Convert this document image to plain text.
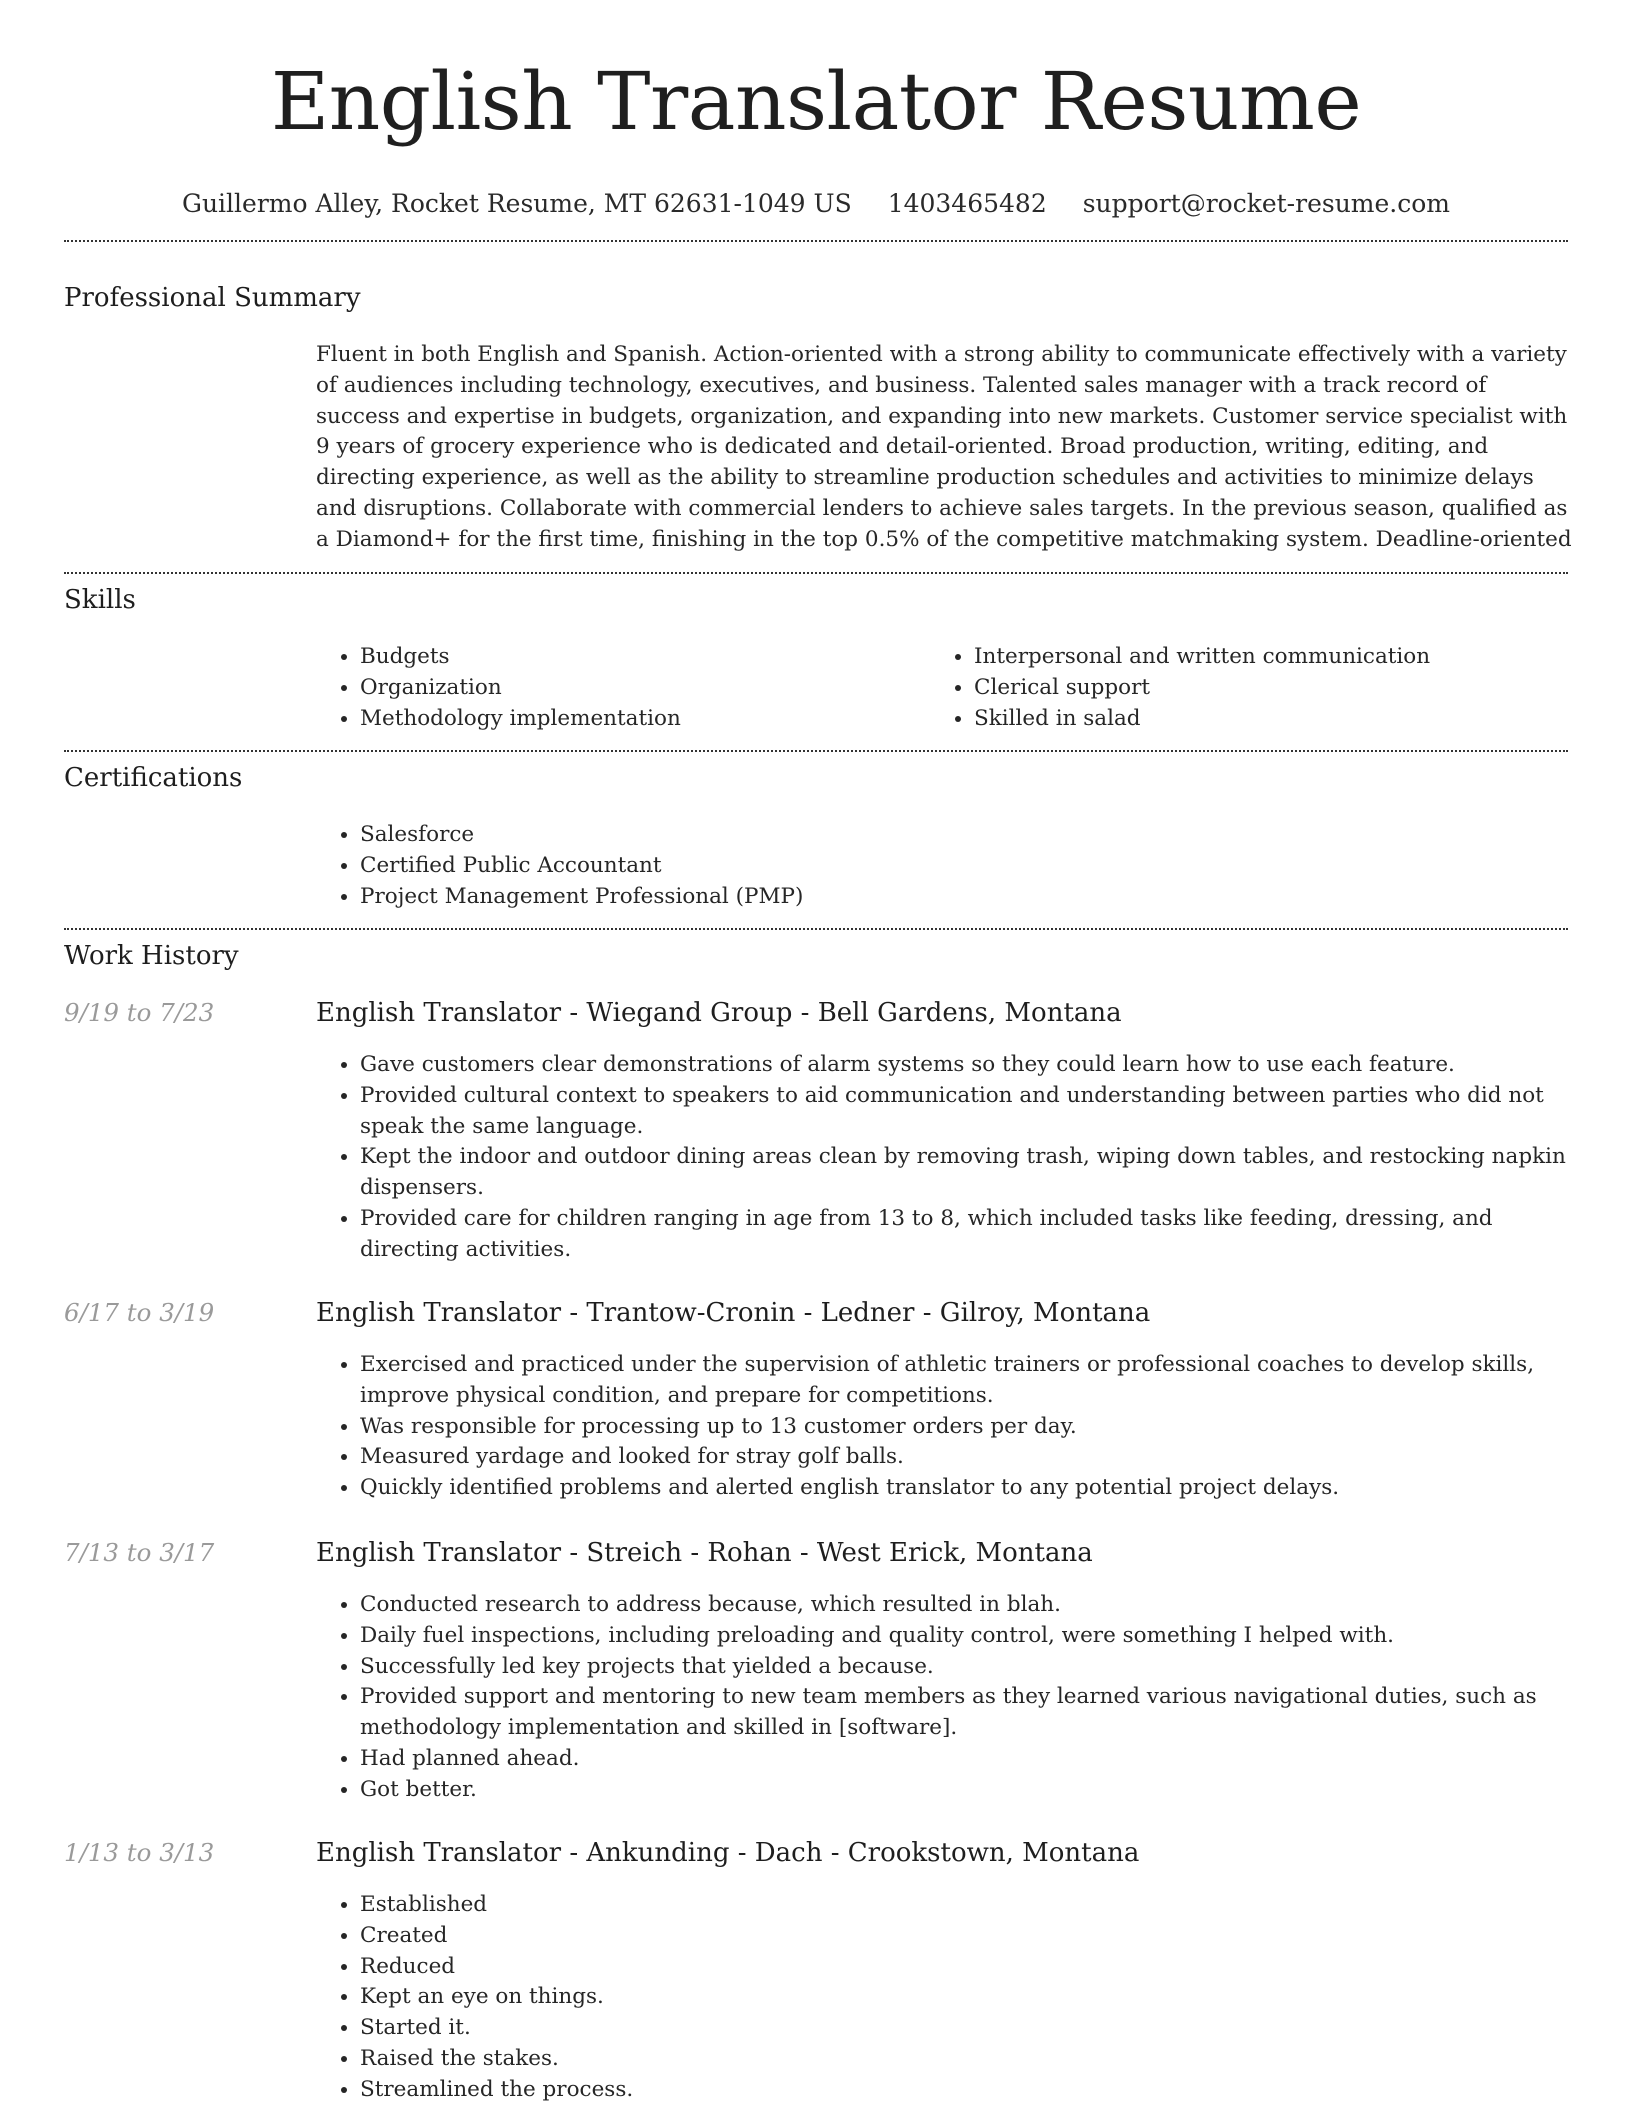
English Translator Resume
Guillermo Alley, Rocket Resume, MT 62631-1049 US 1403465482 support@rocket-resume.com
Professional Summary
Fluent in both English and Spanish. Action-oriented with a strong ability to communicate effectively with a variety of audiences including technology, executives, and business. Talented sales manager with a track record of success and expertise in budgets, organization, and expanding into new markets. Customer service specialist with 9 years of grocery experience who is dedicated and detail-oriented. Broad production, writing, editing, and directing experience, as well as the ability to streamline production schedules and activities to minimize delays and disruptions. Collaborate with commercial lenders to achieve sales targets. In the previous season, qualified as a Diamond+ for the first time, finishing in the top 0.5% of the competitive matchmaking system. Deadline-oriented
Skills
• Budgets
• Organization
• Methodology implementation
• Interpersonal and written communication
• Clerical support
• Skilled in salad
Certifications
• Salesforce
• Certified Public Accountant
• Project Management Professional (PMP)
Work History
9/19 to 7/23	English Translator - Wiegand Group - Bell Gardens, Montana
• Gave customers clear demonstrations of alarm systems so they could learn how to use each feature.
• Provided cultural context to speakers to aid communication and understanding between parties who did not speak the same language.
• Kept the indoor and outdoor dining areas clean by removing trash, wiping down tables, and restocking napkin dispensers.
• Provided care for children ranging in age from 13 to 8, which included tasks like feeding, dressing, and directing activities.
6/17 to 3/19	English Translator - Trantow-Cronin - Ledner - Gilroy, Montana
• Exercised and practiced under the supervision of athletic trainers or professional coaches to develop skills, improve physical condition, and prepare for competitions.
• Was responsible for processing up to 13 customer orders per day.
• Measured yardage and looked for stray golf balls.
• Quickly identified problems and alerted english translator to any potential project delays.
7/13 to 3/17	English Translator - Streich - Rohan - West Erick, Montana
• Conducted research to address because, which resulted in blah.
• Daily fuel inspections, including preloading and quality control, were something I helped with.
• Successfully led key projects that yielded a because.
• Provided support and mentoring to new team members as they learned various navigational duties, such as methodology implementation and skilled in [software].
• Had planned ahead.
• Got better.
1/13 to 3/13	English Translator - Ankunding - Dach - Crookstown, Montana
• Established
• Created
• Reduced
• Kept an eye on things.
• Started it.
• Raised the stakes.
• Streamlined the process.
